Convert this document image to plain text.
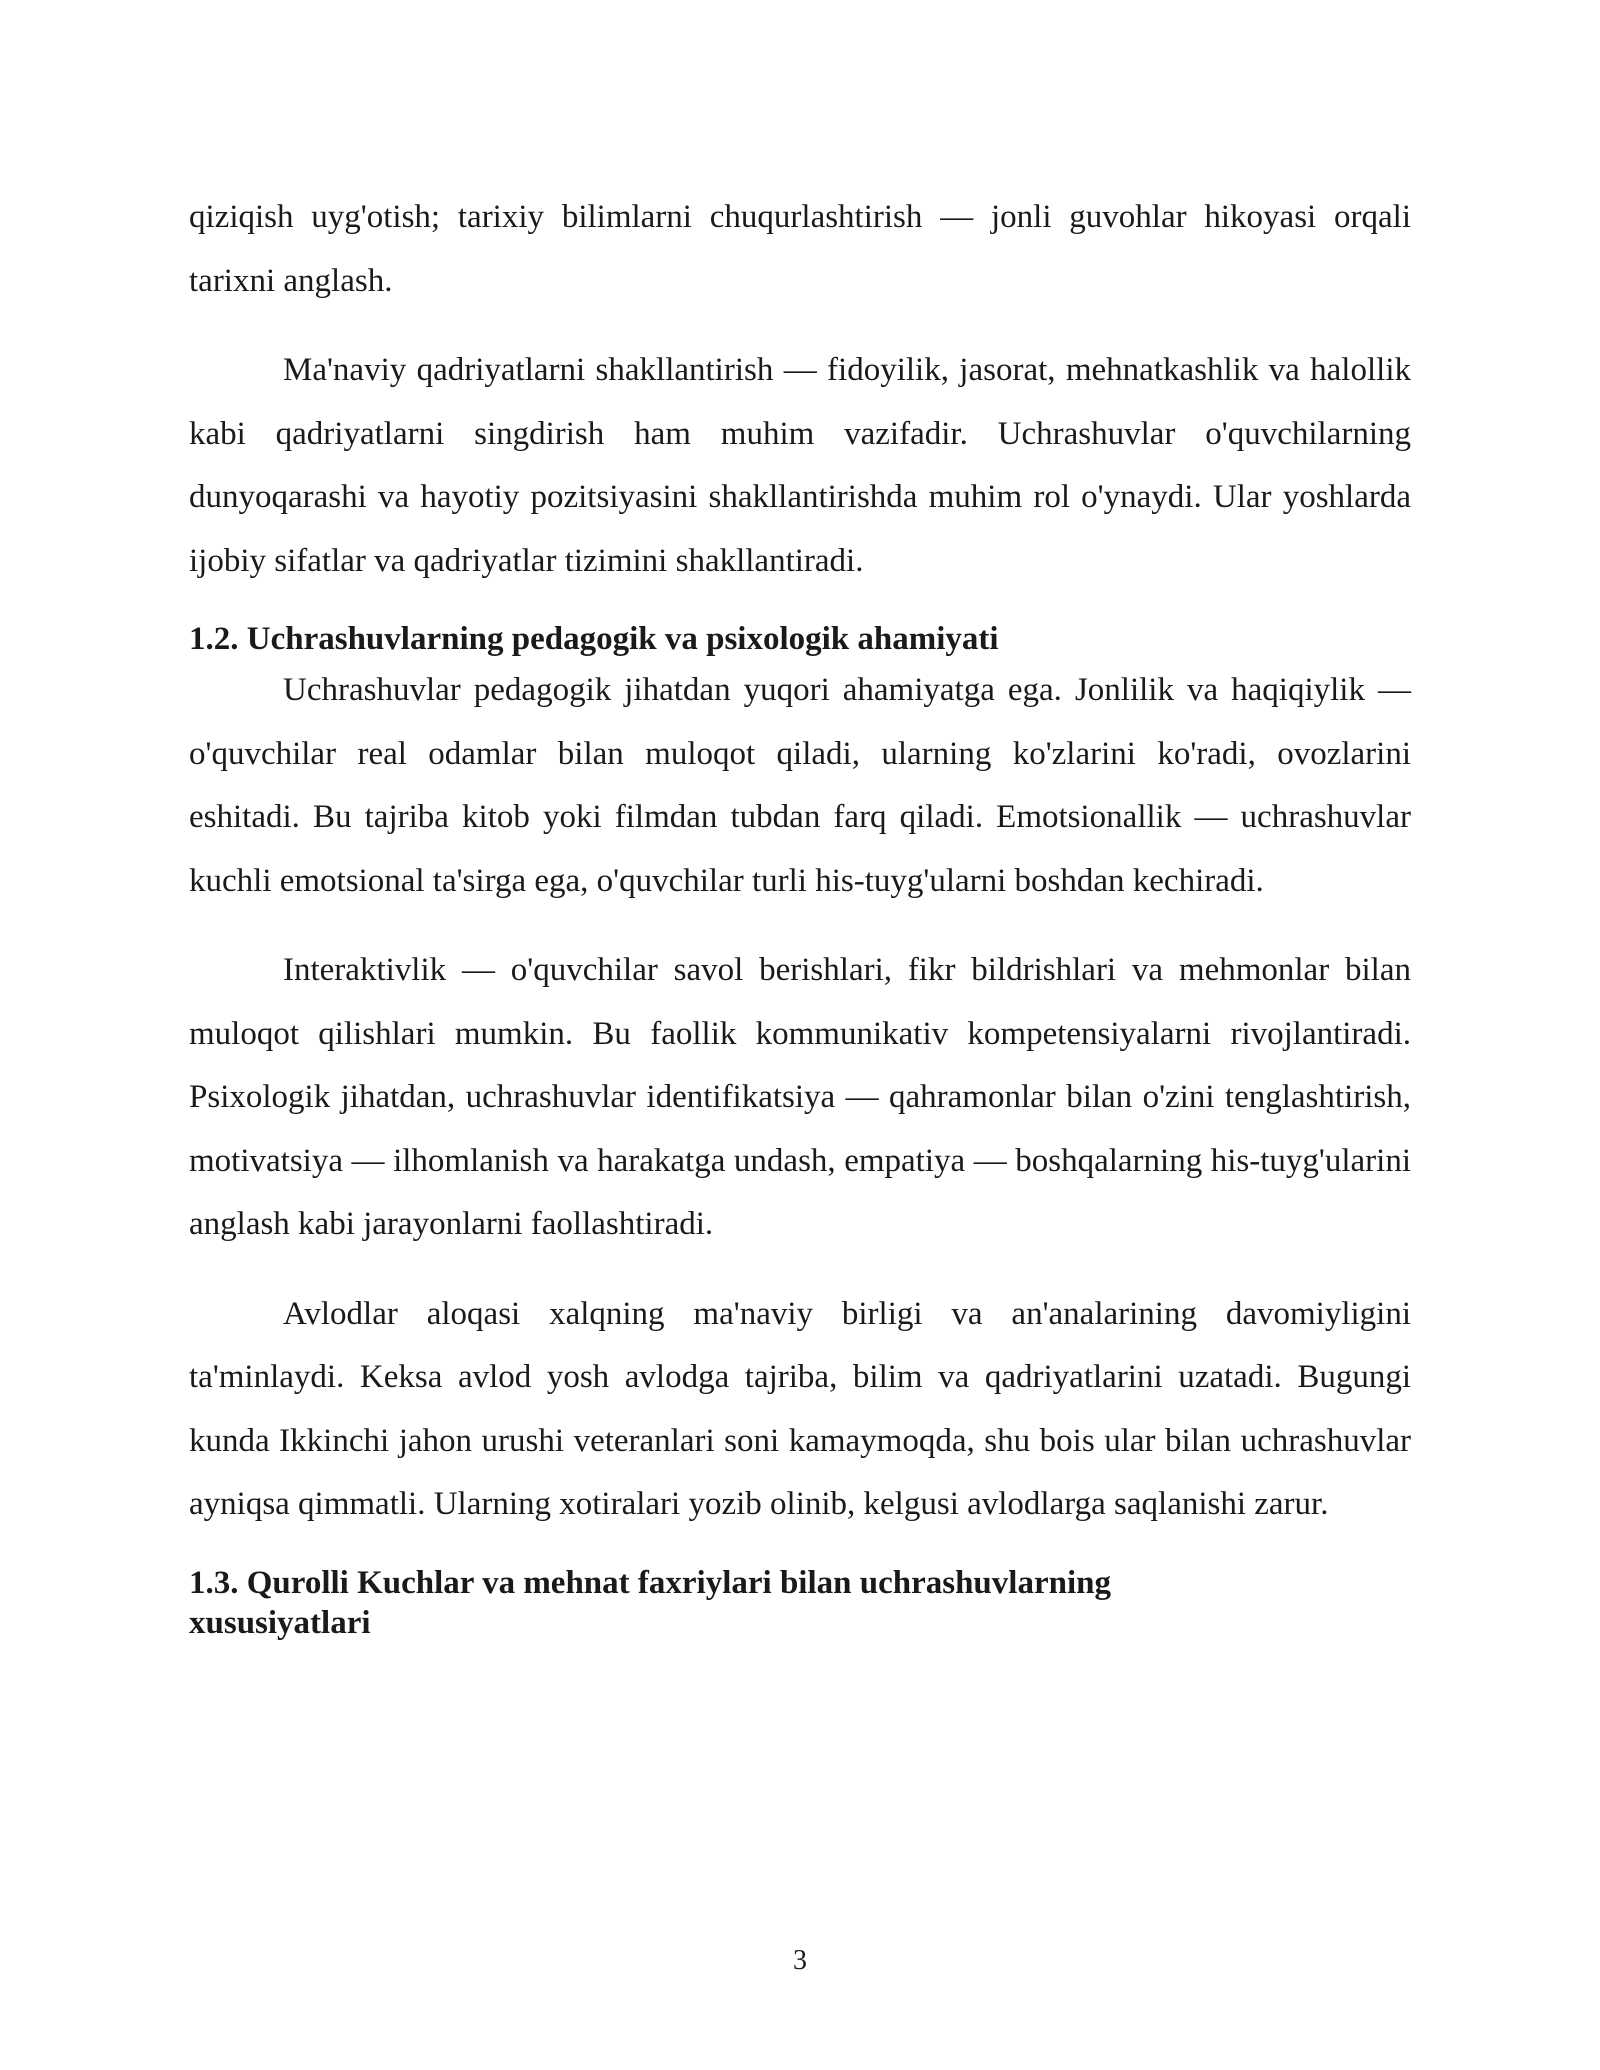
qiziqish uyg'otish; tarixiy bilimlarni chuqurlashtirish — jonli guvohlar hikoyasi orqali tarixni anglash.

Ma'naviy qadriyatlarni shakllantirish — fidoyilik, jasorat, mehnatkashlik va halollik kabi qadriyatlarni singdirish ham muhim vazifadir. Uchrashuvlar o'quvchilarning dunyoqarashi va hayotiy pozitsiyasini shakllantirishda muhim rol o'ynaydi. Ular yoshlarda ijobiy sifatlar va qadriyatlar tizimini shakllantiradi.

1.2. Uchrashuvlarning pedagogik va psixologik ahamiyati

Uchrashuvlar pedagogik jihatdan yuqori ahamiyatga ega. Jonlilik va haqiqiylik — o'quvchilar real odamlar bilan muloqot qiladi, ularning ko'zlarini ko'radi, ovozlarini eshitadi. Bu tajriba kitob yoki filmdan tubdan farq qiladi. Emotsionallik — uchrashuvlar kuchli emotsional ta'sirga ega, o'quvchilar turli his-tuyg'ularni boshdan kechiradi.

Interaktivlik — o'quvchilar savol berishlari, fikr bildrishlari va mehmonlar bilan muloqot qilishlari mumkin. Bu faollik kommunikativ kompetensiyalarni rivojlantiradi. Psixologik jihatdan, uchrashuvlar identifikatsiya — qahramonlar bilan o'zini tenglashtirish, motivatsiya — ilhomlanish va harakatga undash, empatiya — boshqalarning his-tuyg'ularini anglash kabi jarayonlarni faollashtiradi.

Avlodlar aloqasi xalqning ma'naviy birligi va an'analarining davomiyligini ta'minlaydi. Keksa avlod yosh avlodga tajriba, bilim va qadriyatlarini uzatadi. Bugungi kunda Ikkinchi jahon urushi veteranlari soni kamaymoqda, shu bois ular bilan uchrashuvlar ayniqsa qimmatli. Ularning xotiralari yozib olinib, kelgusi avlodlarga saqlanishi zarur.

1.3. Qurolli Kuchlar va mehnat faxriylari bilan uchrashuvlarning xususiyatlari
3
